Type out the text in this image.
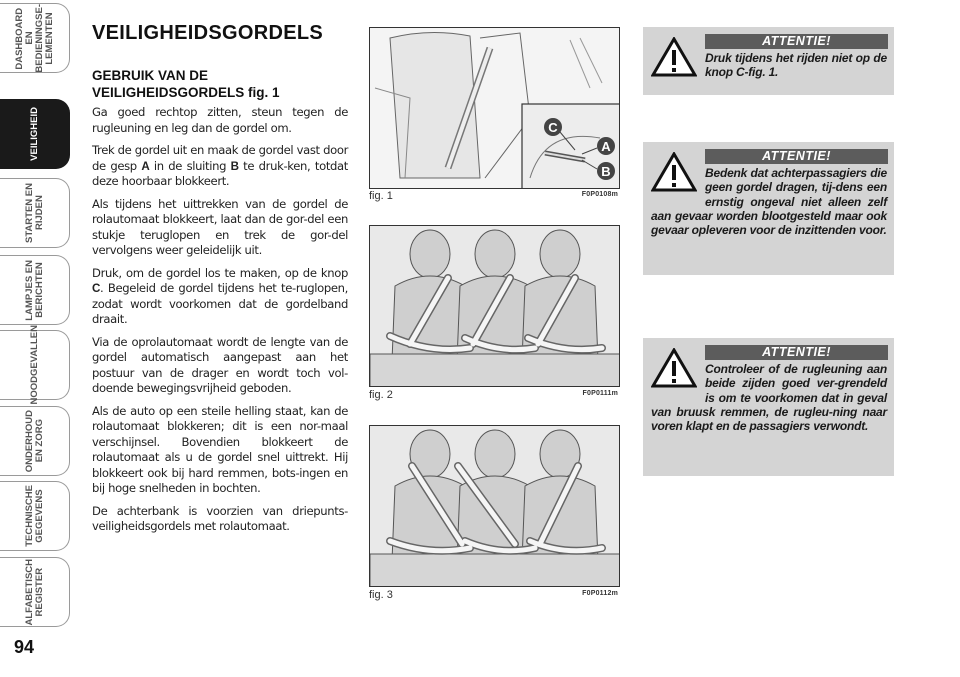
DASHBOARD EN
BEDIENINGSE-
LEMENTEN
VEILIGHEID
STARTEN EN
RIJDEN
LAMPJES EN
BERICHTEN
NOODGEVALLEN
ONDERHOUD
EN ZORG
TECHNISCHE
GEGEVENS
ALFABETISCH
REGISTER
94
VEILIGHEIDSGORDELS

GEBRUIK VAN DE VEILIGHEIDSGORDELS fig. 1

Ga goed rechtop zitten, steun tegen de rugleuning en leg dan de gordel om.

Trek de gordel uit en maak de gordel vast door de gesp A in de sluiting B te druk-ken, totdat deze hoorbaar blokkeert.

Als tijdens het uittrekken van de gordel de rolautomaat blokkeert, laat dan de gor-del een stukje teruglopen en trek de gor-del vervolgens weer geleidelijk uit.

Druk, om de gordel los te maken, op de knop C. Begeleid de gordel tijdens het te-ruglopen, zodat wordt voorkomen dat de gordelband draait.

Via de oprolautomaat wordt de lengte van de gordel automatisch aangepast aan het postuur van de drager en wordt toch vol-doende bewegingsvrijheid geboden.

Als de auto op een steile helling staat, kan de rolautomaat blokkeren; dit is een nor-maal verschijnsel. Bovendien blokkeert de rolautomaat als u de gordel snel uittrekt. Hij blokkeert ook bij hard remmen, bots-ingen en bij hoge snelheden in bochten.

De achterbank is voorzien van driepunts-veiligheidsgordels met rolautomaat.

C
A
B
fig. 1	F0P0108m
fig. 2	F0P0111m
fig. 3	F0P0112m
ATTENTIE!
Druk tijdens het rijden niet op de knop C-fig. 1.
ATTENTIE!
Bedenk dat achterpassagiers die geen gordel dragen, tij-dens een ernstig ongeval niet alleen zelf aan gevaar worden blootgesteld maar ook gevaar opleveren voor de inzittenden voor.
ATTENTIE!
Controleer of de rugleuning aan beide zijden goed ver-grendeld is om te voorkomen dat in geval van bruusk remmen, de rugleu-ning naar voren klapt en de passagiers verwondt.
